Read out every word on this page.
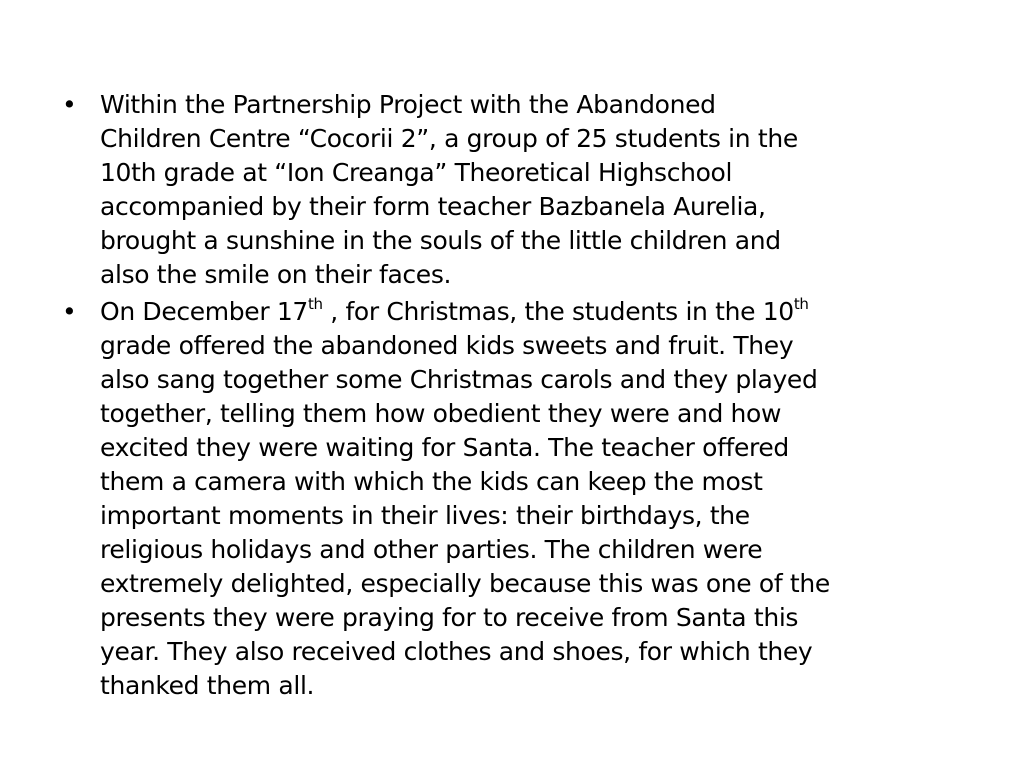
• Within the Partnership Project with the Abandoned
Children Centre “Cocorii 2”, a group of 25 students in the
10th grade at “Ion Creanga” Theoretical Highschool
accompanied by their form teacher Bazbanela Aurelia,
brought a sunshine in the souls of the little children and
also the smile on their faces.
• On December 17th , for Christmas, the students in the 10th
grade offered the abandoned kids sweets and fruit. They
also sang together some Christmas carols and they played
together, telling them how obedient they were and how
excited they were waiting for Santa. The teacher offered
them a camera with which the kids can keep the most
important moments in their lives: their birthdays, the
religious holidays and other parties. The children were
extremely delighted, especially because this was one of the
presents they were praying for to receive from Santa this
year. They also received clothes and shoes, for which they
thanked them all.
